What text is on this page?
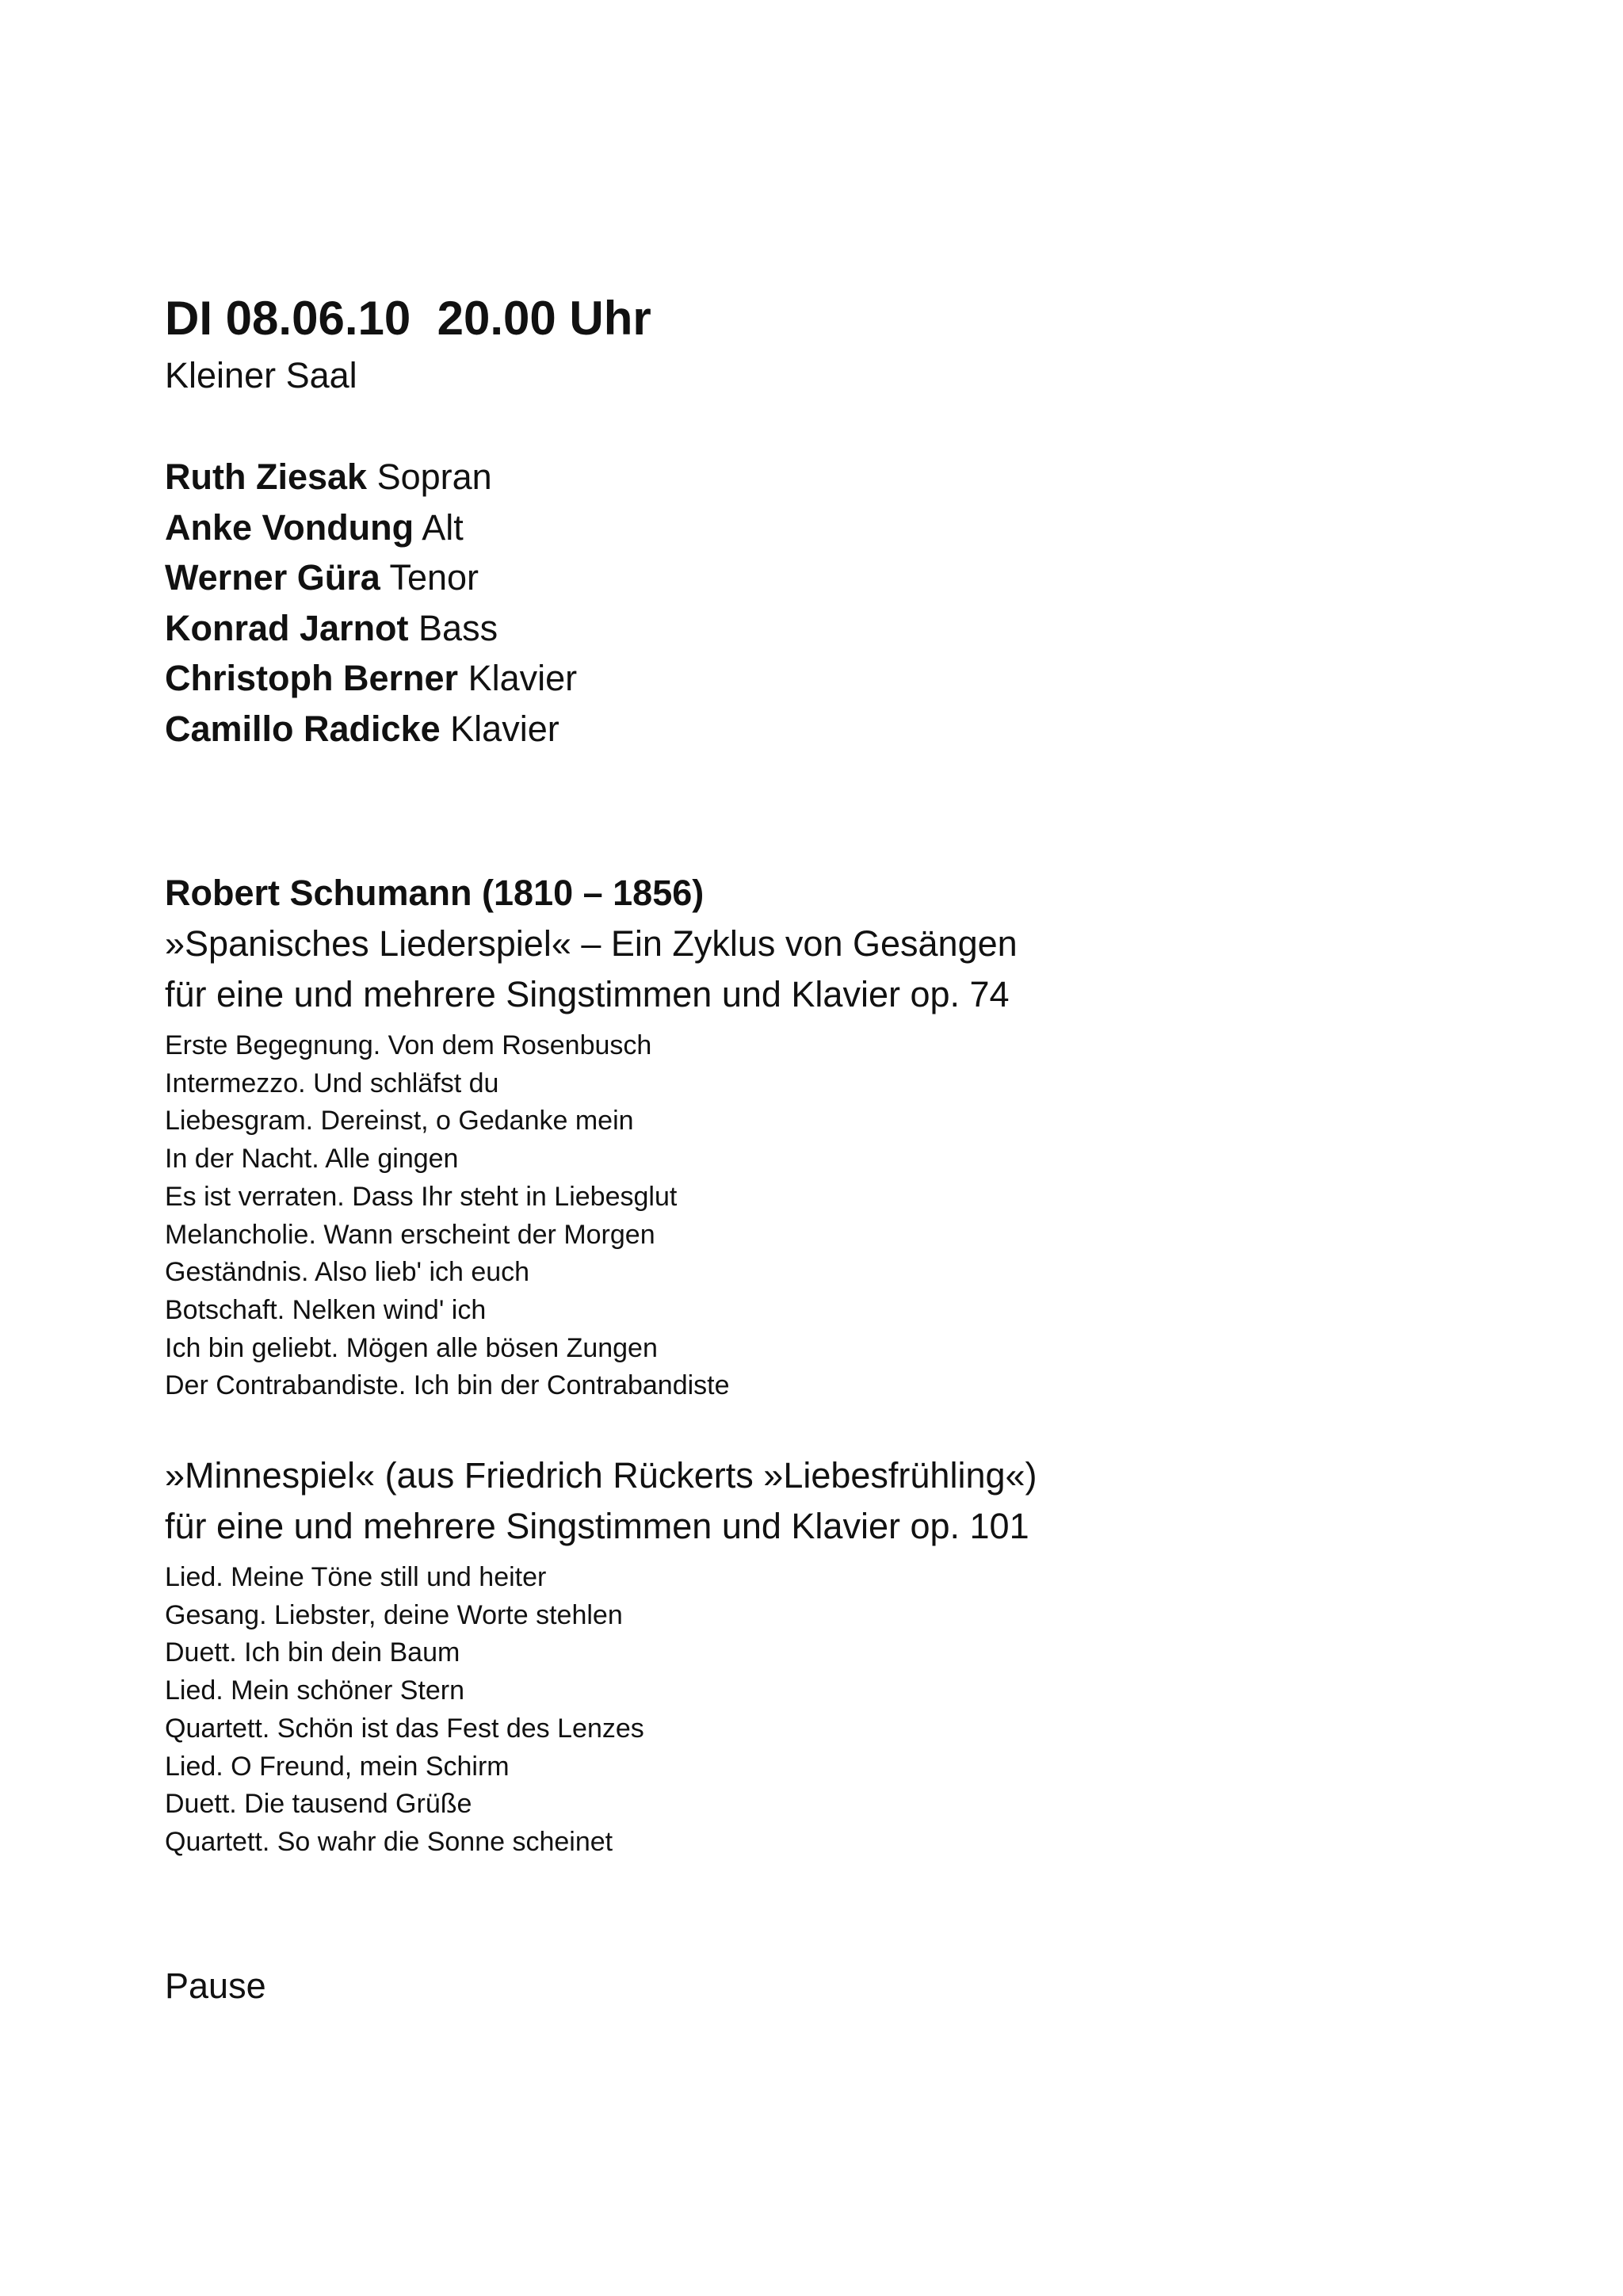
DI 08.06.10 20.00 Uhr

Kleiner Saal

Ruth Ziesak Sopran

Anke Vondung Alt

Werner Güra Tenor

Konrad Jarnot Bass

Christoph Berner Klavier

Camillo Radicke Klavier

Robert Schumann (1810 – 1856)

»Spanisches Liederspiel« – Ein Zyklus von Gesängen

für eine und mehrere Singstimmen und Klavier op. 74

Erste Begegnung. Von dem Rosenbusch
Intermezzo. Und schläfst du
Liebesgram. Dereinst, o Gedanke mein
In der Nacht. Alle gingen
Es ist verraten. Dass Ihr steht in Liebesglut
Melancholie. Wann erscheint der Morgen
Geständnis. Also lieb' ich euch
Botschaft. Nelken wind' ich
Ich bin geliebt. Mögen alle bösen Zungen
Der Contrabandiste. Ich bin der Contrabandiste

»Minnespiel« (aus Friedrich Rückerts »Liebesfrühling«)

für eine und mehrere Singstimmen und Klavier op. 101

Lied. Meine Töne still und heiter
Gesang. Liebster, deine Worte stehlen
Duett. Ich bin dein Baum
Lied. Mein schöner Stern
Quartett. Schön ist das Fest des Lenzes
Lied. O Freund, mein Schirm
Duett. Die tausend Grüße
Quartett. So wahr die Sonne scheinet
Pause
